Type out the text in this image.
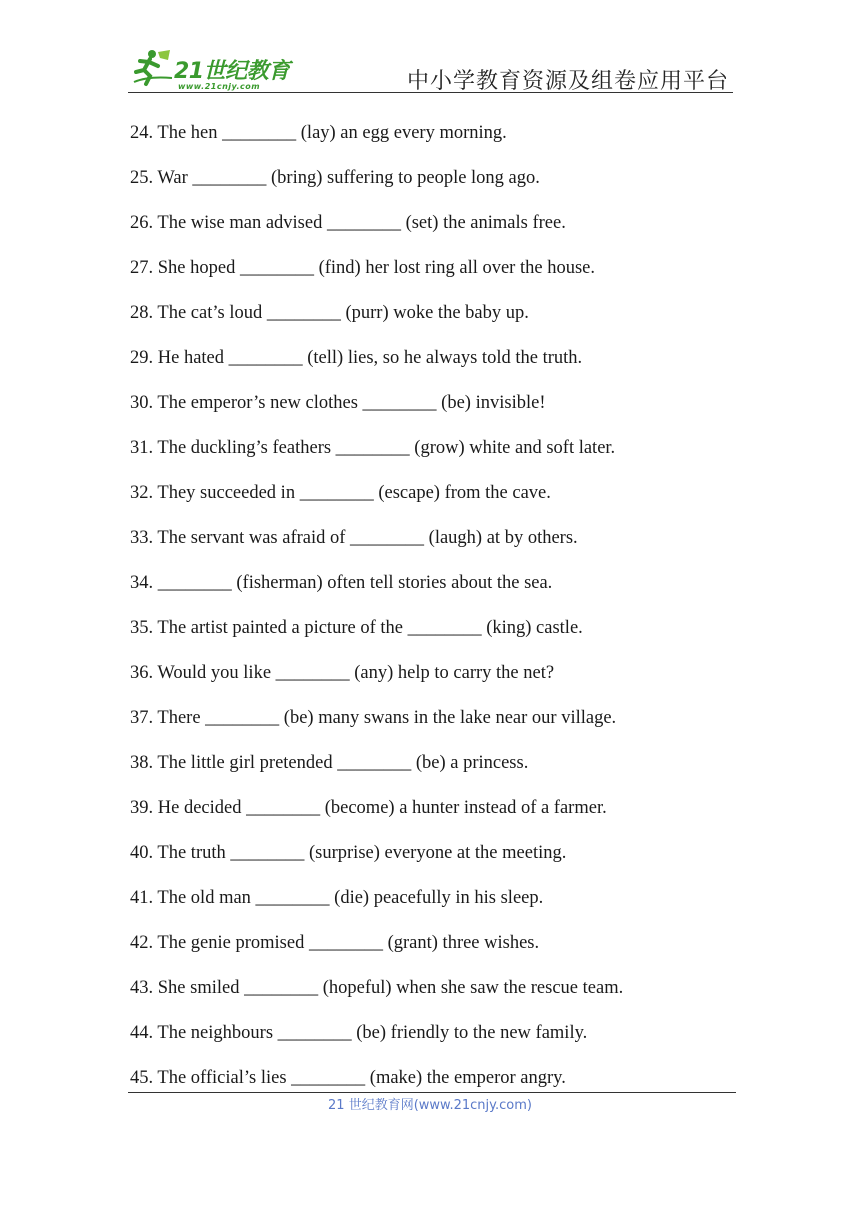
21世纪教育
www.21cnjy.com	中小学教育资源及组卷应用平台
24. The hen ________ (lay) an egg every morning.
25. War ________ (bring) suffering to people long ago.
26. The wise man advised ________ (set) the animals free.
27. She hoped ________ (find) her lost ring all over the house.
28. The cat’s loud ________ (purr) woke the baby up.
29. He hated ________ (tell) lies, so he always told the truth.
30. The emperor’s new clothes ________ (be) invisible!
31. The duckling’s feathers ________ (grow) white and soft later.
32. They succeeded in ________ (escape) from the cave.
33. The servant was afraid of ________ (laugh) at by others.
34. ________ (fisherman) often tell stories about the sea.
35. The artist painted a picture of the ________ (king) castle.
36. Would you like ________ (any) help to carry the net?
37. There ________ (be) many swans in the lake near our village.
38. The little girl pretended ________ (be) a princess.
39. He decided ________ (become) a hunter instead of a farmer.
40. The truth ________ (surprise) everyone at the meeting.
41. The old man ________ (die) peacefully in his sleep.
42. The genie promised ________ (grant) three wishes.
43. She smiled ________ (hopeful) when she saw the rescue team.
44. The neighbours ________ (be) friendly to the new family.
45. The official’s lies ________ (make) the emperor angry.
21 世纪教育网(www.21cnjy.com)
